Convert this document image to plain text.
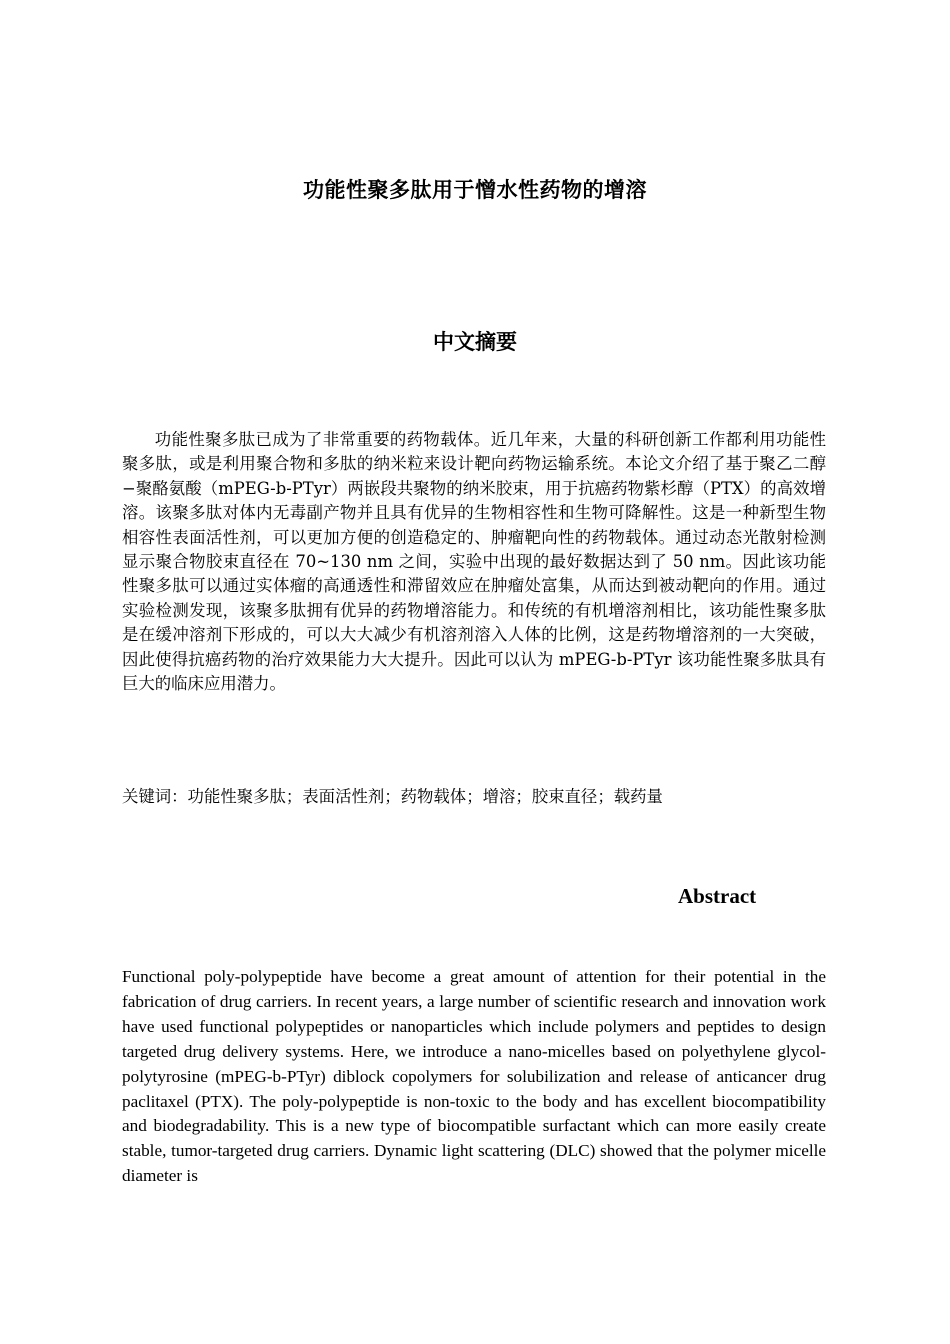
功能性聚多肽用于憎水性药物的增溶
中文摘要

功能性聚多肽已成为了非常重要的药物载体。近几年来，大量的科研创新工作都利用功能性聚多肽，或是利用聚合物和多肽的纳米粒来设计靶向药物运输系统。本论文介绍了基于聚乙二醇−聚酪氨酸（mPEG-b-PTyr）两嵌段共聚物的纳米胶束，用于抗癌药物紫杉醇（PTX）的高效增溶。该聚多肽对体内无毒副产物并且具有优异的生物相容性和生物可降解性。这是一种新型生物相容性表面活性剂，可以更加方便的创造稳定的、肿瘤靶向性的药物载体。通过动态光散射检测显示聚合物胶束直径在 70~130 nm 之间，实验中出现的最好数据达到了 50 nm。因此该功能性聚多肽可以通过实体瘤的高通透性和滞留效应在肿瘤处富集，从而达到被动靶向的作用。通过实验检测发现，该聚多肽拥有优异的药物增溶能力。和传统的有机增溶剂相比，该功能性聚多肽是在缓冲溶剂下形成的，可以大大减少有机溶剂溶入人体的比例，这是药物增溶剂的一大突破，因此使得抗癌药物的治疗效果能力大大提升。因此可以认为 mPEG-b-PTyr 该功能性聚多肽具有巨大的临床应用潜力。

关键词：功能性聚多肽；表面活性剂；药物载体；增溶；胶束直径；载药量

Abstract

Functional poly-polypeptide have become a great amount of attention for their potential in the fabrication of drug carriers. In recent years, a large number of scientific research and innovation work have used functional polypeptides or nanoparticles which include polymers and peptides to design targeted drug delivery systems. Here, we introduce a nano-micelles based on polyethylene glycol-polytyrosine (mPEG-b-PTyr) diblock copolymers for solubilization and release of anticancer drug paclitaxel (PTX). The poly-polypeptide is non-toxic to the body and has excellent biocompatibility and biodegradability. This is a new type of biocompatible surfactant which can more easily create stable, tumor-targeted drug carriers. Dynamic light scattering (DLC) showed that the polymer micelle diameter is
